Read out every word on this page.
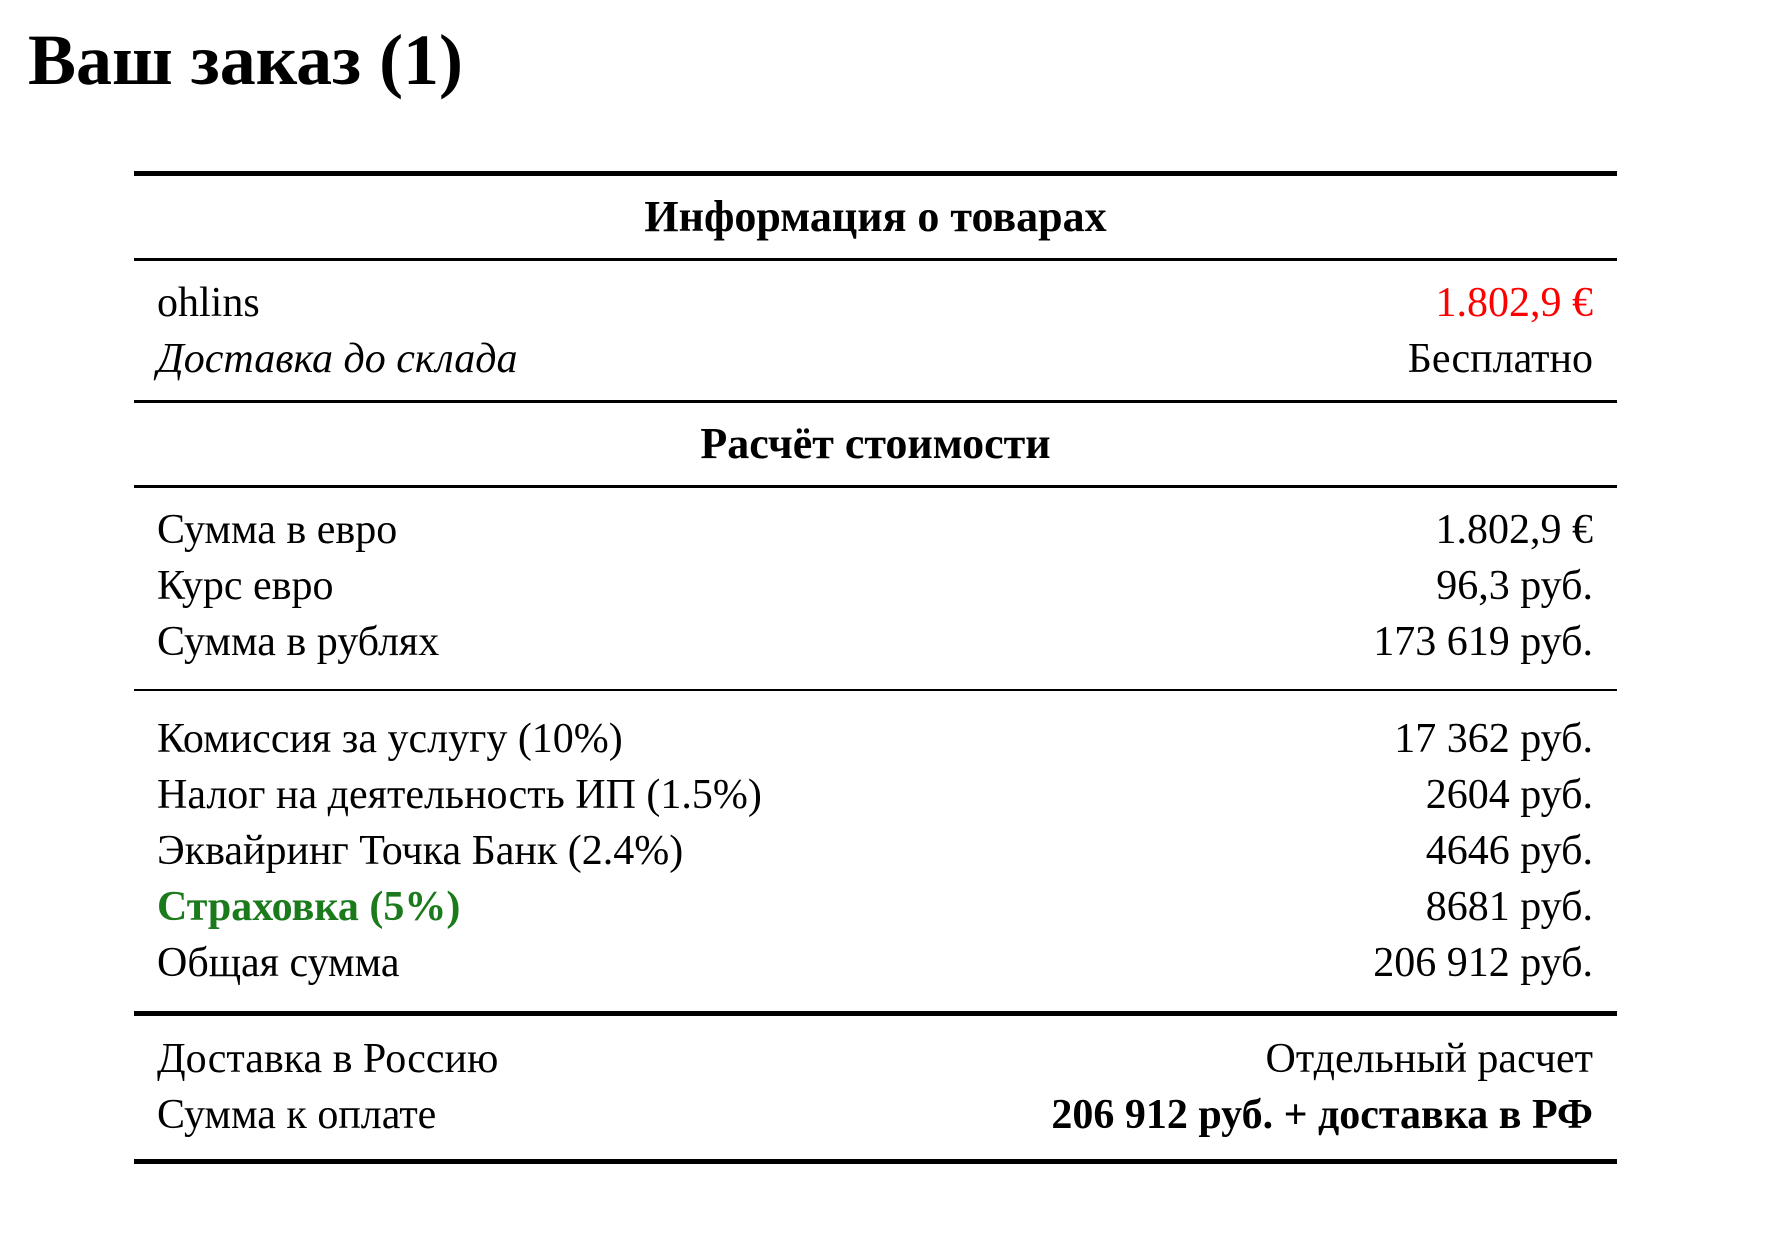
Ваш заказ (1)
Информация о товарах
ohlins	1.802,9 €
Доставка до склада	Бесплатно
Расчёт стоимости
Сумма в евро	1.802,9 €
Курс евро	96,3 руб.
Сумма в рублях	173 619 руб.
Комиссия за услугу (10%)	17 362 руб.
Налог на деятельность ИП (1.5%)	2604 руб.
Эквайринг Точка Банк (2.4%)	4646 руб.
Страховка (5%)	8681 руб.
Общая сумма	206 912 руб.
Доставка в Россию	Отдельный расчет
Сумма к оплате	206 912 руб. + доставка в РФ
